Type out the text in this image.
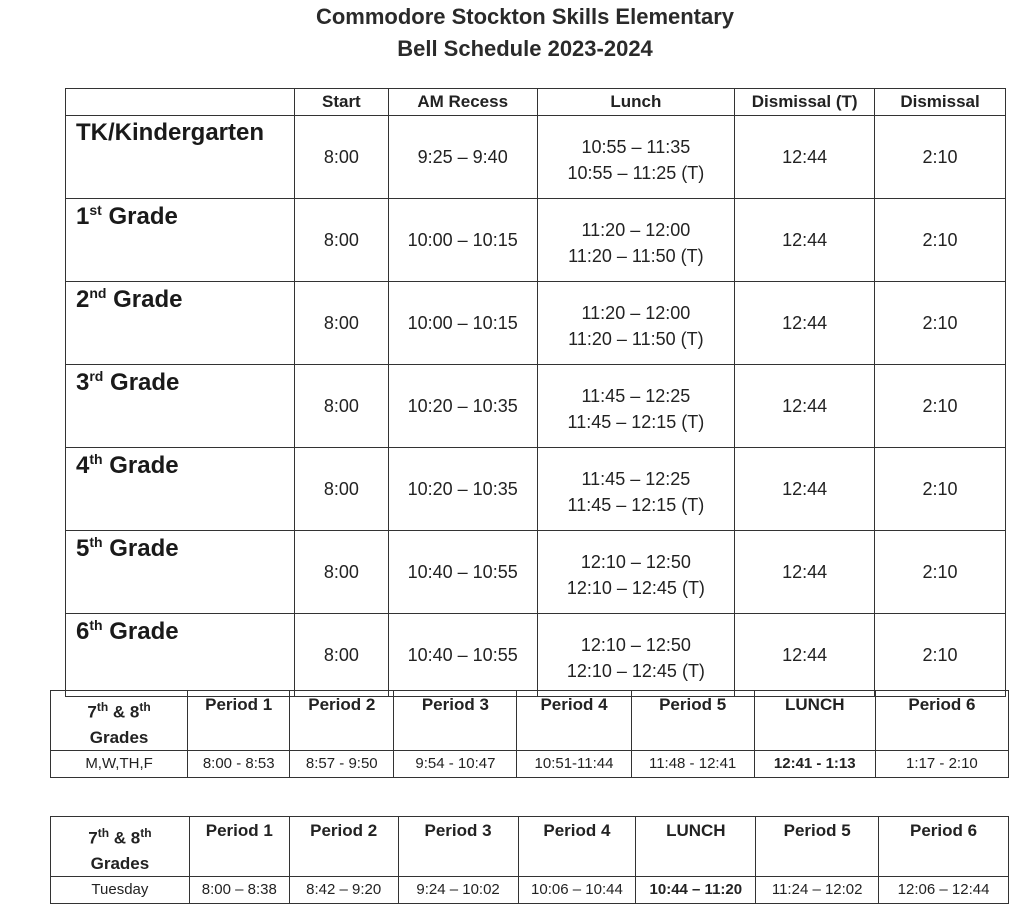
Commodore Stockton Skills Elementary
Bell Schedule 2023-2024
	Start	AM Recess	Lunch	Dismissal (T)	Dismissal
TK/Kindergarten	8:00	9:25 – 9:40	10:55 – 11:35
10:55 – 11:25 (T)	12:44	2:10
1st Grade	8:00	10:00 – 10:15	11:20 – 12:00
11:20 – 11:50 (T)	12:44	2:10
2nd Grade	8:00	10:00 – 10:15	11:20 – 12:00
11:20 – 11:50 (T)	12:44	2:10
3rd Grade	8:00	10:20 – 10:35	11:45 – 12:25
11:45 – 12:15 (T)	12:44	2:10
4th Grade	8:00	10:20 – 10:35	11:45 – 12:25
11:45 – 12:15 (T)	12:44	2:10
5th Grade	8:00	10:40 – 10:55	12:10 – 12:50
12:10 – 12:45 (T)	12:44	2:10
6th Grade	8:00	10:40 – 10:55	12:10 – 12:50
12:10 – 12:45 (T)	12:44	2:10
7th & 8th
Grades	Period 1	Period 2	Period 3	Period 4	Period 5	LUNCH	Period 6
M,W,TH,F	8:00 - 8:53	8:57 - 9:50	9:54 - 10:47	10:51-11:44	11:48 - 12:41	12:41 - 1:13	1:17 - 2:10
7th & 8th
Grades	Period 1	Period 2	Period 3	Period 4	LUNCH	Period 5	Period 6
Tuesday	8:00 – 8:38	8:42 – 9:20	9:24 – 10:02	10:06 – 10:44	10:44 – 11:20	11:24 – 12:02	12:06 – 12:44
